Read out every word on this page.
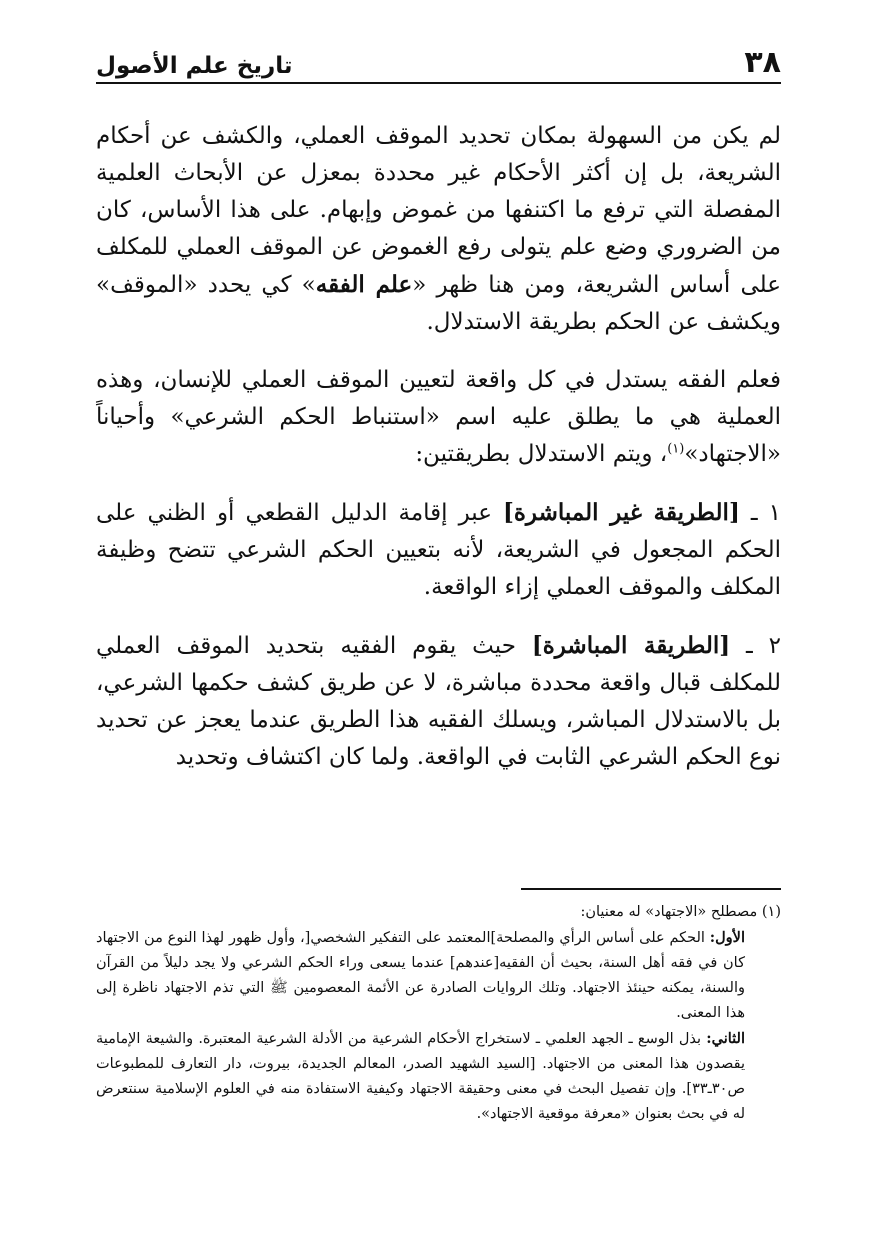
٣٨
تاريخ علم الأصول

لم يكن من السهولة بمكان تحديد الموقف العملي، والكشف عن أحكام الشريعة، بل إن أكثر الأحكام غير محددة بمعزل عن الأبحاث العلمية المفصلة التي ترفع ما اكتنفها من غموض وإبهام. على هذا الأساس، كان من الضروري وضع علم يتولى رفع الغموض عن الموقف العملي للمكلف على أساس الشريعة، ومن هنا ظهر «علم الفقه» كي يحدد «الموقف» ويكشف عن الحكم بطريقة الاستدلال.

فعلم الفقه يستدل في كل واقعة لتعيين الموقف العملي للإنسان، وهذه العملية هي ما يطلق عليه اسم «استنباط الحكم الشرعي» وأحياناً «الاجتهاد»$^{(١)}$، ويتم الاستدلال بطريقتين:

١ ـ [الطريقة غير المباشرة] عبر إقامة الدليل القطعي أو الظني على الحكم المجعول في الشريعة، لأنه بتعيين الحكم الشرعي تتضح وظيفة المكلف والموقف العملي إزاء الواقعة.

٢ ـ [الطريقة المباشرة] حيث يقوم الفقيه بتحديد الموقف العملي للمكلف قبال واقعة محددة مباشرة، لا عن طريق كشف حكمها الشرعي، بل بالاستدلال المباشر، ويسلك الفقيه هذا الطريق عندما يعجز عن تحديد نوع الحكم الشرعي الثابت في الواقعة. ولما كان اكتشاف وتحديد

(١) مصطلح «الاجتهاد» له معنيان:

الأول: الحكم على أساس الرأي والمصلحة]المعتمد على التفكير الشخصي[، وأول ظهور لهذا النوع من الاجتهاد كان في فقه أهل السنة، بحيث أن الفقيه[عندهم] عندما يسعى وراء الحكم الشرعي ولا يجد دليلاً من القرآن والسنة، يمكنه حينئذ الاجتهاد. وتلك الروايات الصادرة عن الأئمة المعصومين ﷺ التي تذم الاجتهاد ناظرة إلى هذا المعنى.

الثاني: بذل الوسع ـ الجهد العلمي ـ لاستخراج الأحكام الشرعية من الأدلة الشرعية المعتبرة. والشيعة الإمامية يقصدون هذا المعنى من الاجتهاد. [السيد الشهيد الصدر، المعالم الجديدة، بيروت، دار التعارف للمطبوعات ص٣٠ـ٣٣]. وإن تفصيل البحث في معنى وحقيقة الاجتهاد وكيفية الاستفادة منه في العلوم الإسلامية سنتعرض له في بحث بعنوان «معرفة موقعية الاجتهاد».
